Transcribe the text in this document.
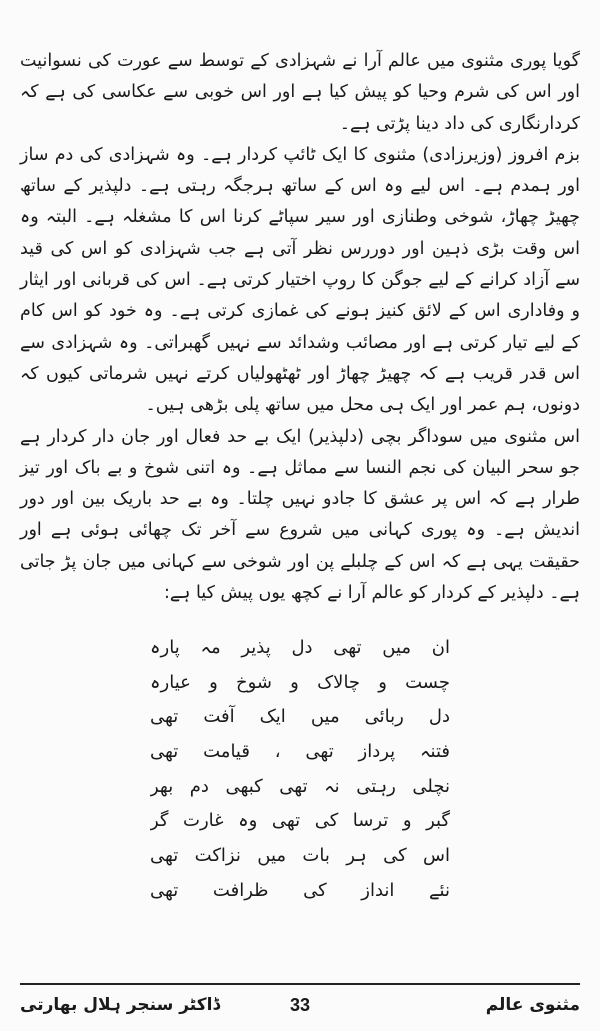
گویا پوری مثنوی میں عالم آرا نے شہزادی کے توسط سے عورت کی نسوانیت اور اس کی شرم وحیا کو پیش کیا ہے اور اس خوبی سے عکاسی کی ہے کہ کردارنگاری کی داد دینا پڑتی ہے۔

بزم افروز (وزیرزادی) مثنوی کا ایک ٹائپ کردار ہے۔ وہ شہزادی کی دم ساز اور ہمدم ہے۔ اس لیے وہ اس کے ساتھ ہرجگہ رہتی ہے۔ دلپذیر کے ساتھ چھیڑ چھاڑ، شوخی وطنازی اور سیر سپاٹے کرنا اس کا مشغلہ ہے۔ البتہ وہ اس وقت بڑی ذہین اور دوررس نظر آتی ہے جب شہزادی کو اس کی قید سے آزاد کرانے کے لیے جوگن کا روپ اختیار کرتی ہے۔ اس کی قربانی اور ایثار و وفاداری اس کے لائق کنیز ہونے کی غمازی کرتی ہے۔ وہ خود کو اس کام کے لیے تیار کرتی ہے اور مصائب وشدائد سے نہیں گھبراتی۔ وہ شہزادی سے اس قدر قریب ہے کہ چھیڑ چھاڑ اور ٹھٹھولیاں کرتے نہیں شرماتی کیوں کہ دونوں، ہم عمر اور ایک ہی محل میں ساتھ پلی بڑھی ہیں۔

اس مثنوی میں سوداگر بچی (دلپذیر) ایک بے حد فعال اور جان دار کردار ہے جو سحر البیان کی نجم النسا سے مماثل ہے۔ وہ اتنی شوخ و بے باک اور تیز طرار ہے کہ اس پر عشق کا جادو نہیں چلتا۔ وہ بے حد باریک بین اور دور اندیش ہے۔ وہ پوری کہانی میں شروع سے آخر تک چھائی ہوئی ہے اور حقیقت یہی ہے کہ اس کے چلبلے پن اور شوخی سے کہانی میں جان پڑ جاتی ہے۔ دلپذیر کے کردار کو عالم آرا نے کچھ یوں پیش کیا ہے:

ان میں تھی دل پذیر مہ پارہ
چست و چالاک و شوخ و عیارہ
دل ربائی میں ایک آفت تھی
فتنہ پرداز تھی ، قیامت تھی
نچلی رہتی نہ تھی کبھی دم بھر
گبر و ترسا کی تھی وہ غارت گر
اس کی ہر بات میں نزاکت تھی
نئے انداز کی ظرافت تھی
ڈاکٹر سنجر ہلال بھارتی	33	مثنوی عالم
